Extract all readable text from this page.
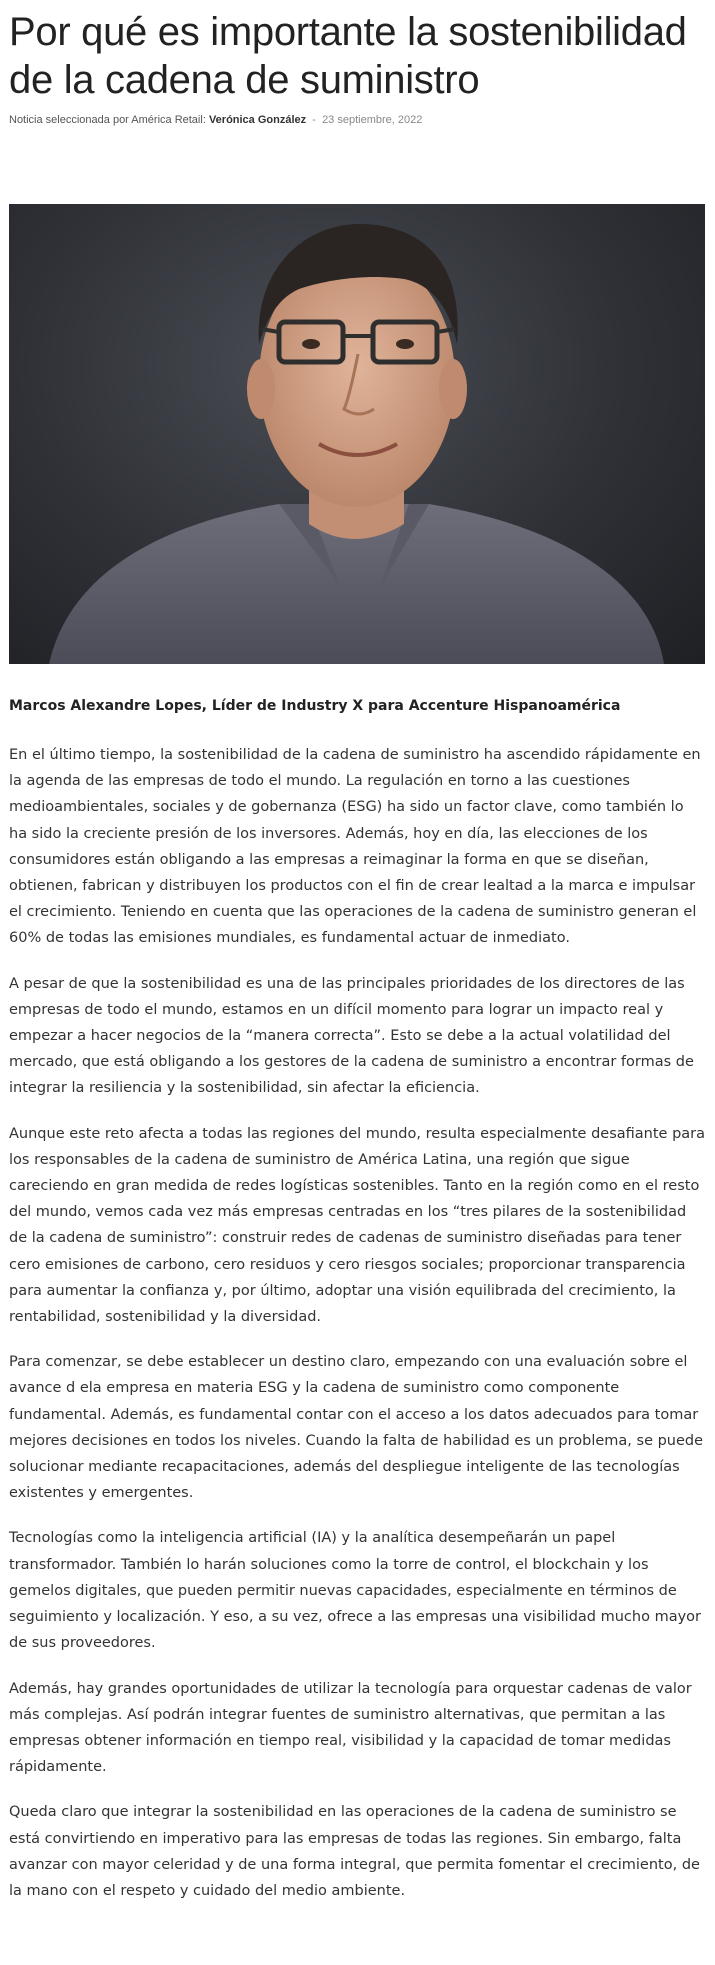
Por qué es importante la sostenibilidad de la cadena de suministro
Noticia seleccionada por América Retail: Verónica González - 23 septiembre, 2022
Marcos Alexandre Lopes, Líder de Industry X para Accenture Hispanoamérica

En el último tiempo, la sostenibilidad de la cadena de suministro ha ascendido rápidamente en la agenda de las empresas de todo el mundo. La regulación en torno a las cuestiones medioambientales, sociales y de gobernanza (ESG) ha sido un factor clave, como también lo ha sido la creciente presión de los inversores. Además, hoy en día, las elecciones de los consumidores están obligando a las empresas a reimaginar la forma en que se diseñan, obtienen, fabrican y distribuyen los productos con el fin de crear lealtad a la marca e impulsar el crecimiento. Teniendo en cuenta que las operaciones de la cadena de suministro generan el 60% de todas las emisiones mundiales, es fundamental actuar de inmediato.

A pesar de que la sostenibilidad es una de las principales prioridades de los directores de las empresas de todo el mundo, estamos en un difícil momento para lograr un impacto real y empezar a hacer negocios de la “manera correcta”. Esto se debe a la actual volatilidad del mercado, que está obligando a los gestores de la cadena de suministro a encontrar formas de integrar la resiliencia y la sostenibilidad, sin afectar la eficiencia.

Aunque este reto afecta a todas las regiones del mundo, resulta especialmente desafiante para los responsables de la cadena de suministro de América Latina, una región que sigue careciendo en gran medida de redes logísticas sostenibles. Tanto en la región como en el resto del mundo, vemos cada vez más empresas centradas en los “tres pilares de la sostenibilidad de la cadena de suministro”: construir redes de cadenas de suministro diseñadas para tener cero emisiones de carbono, cero residuos y cero riesgos sociales; proporcionar transparencia para aumentar la confianza y, por último, adoptar una visión equilibrada del crecimiento, la rentabilidad, sostenibilidad y la diversidad.

Para comenzar, se debe establecer un destino claro, empezando con una evaluación sobre el avance d ela empresa en materia ESG y la cadena de suministro como componente fundamental. Además, es fundamental contar con el acceso a los datos adecuados para tomar mejores decisiones en todos los niveles. Cuando la falta de habilidad es un problema, se puede solucionar mediante recapacitaciones, además del despliegue inteligente de las tecnologías existentes y emergentes.

Tecnologías como la inteligencia artificial (IA) y la analítica desempeñarán un papel transformador. También lo harán soluciones como la torre de control, el blockchain y los gemelos digitales, que pueden permitir nuevas capacidades, especialmente en términos de seguimiento y localización. Y eso, a su vez, ofrece a las empresas una visibilidad mucho mayor de sus proveedores.

Además, hay grandes oportunidades de utilizar la tecnología para orquestar cadenas de valor más complejas. Así podrán integrar fuentes de suministro alternativas, que permitan a las empresas obtener información en tiempo real, visibilidad y la capacidad de tomar medidas rápidamente.

Queda claro que integrar la sostenibilidad en las operaciones de la cadena de suministro se está convirtiendo en imperativo para las empresas de todas las regiones. Sin embargo, falta avanzar con mayor celeridad y de una forma integral, que permita fomentar el crecimiento, de la mano con el respeto y cuidado del medio ambiente.
